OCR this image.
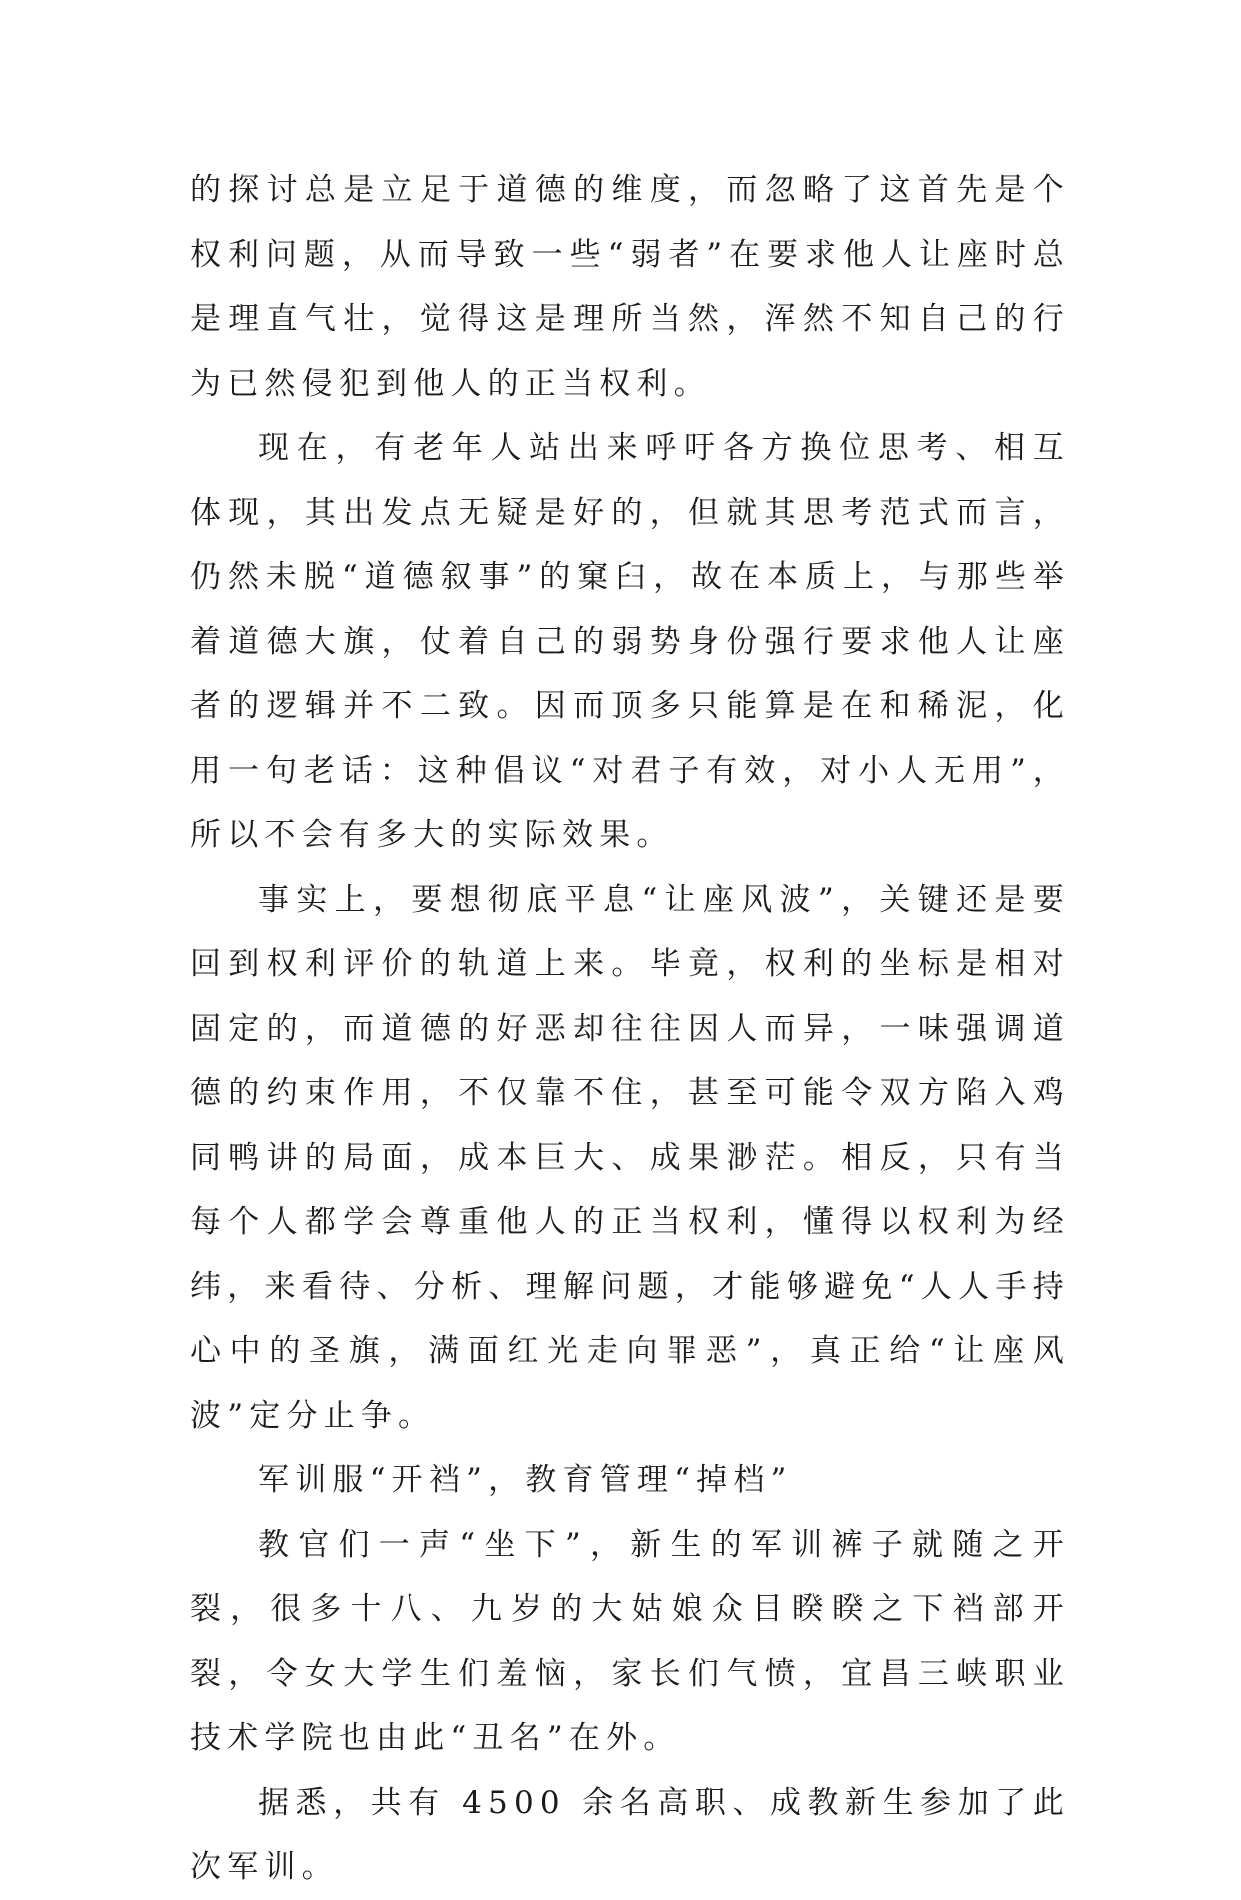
的探讨总是立足于道德的维度，而忽略了这首先是个权利问题，从而导致一些“弱者”在要求他人让座时总是理直气壮，觉得这是理所当然，浑然不知自己的行为已然侵犯到他人的正当权利。

现在，有老年人站出来呼吁各方换位思考、相互体现，其出发点无疑是好的，但就其思考范式而言，仍然未脱“道德叙事”的窠臼，故在本质上，与那些举着道德大旗，仗着自己的弱势身份强行要求他人让座者的逻辑并不二致。因而顶多只能算是在和稀泥，化用一句老话：这种倡议“对君子有效，对小人无用”，所以不会有多大的实际效果。

事实上，要想彻底平息“让座风波”，关键还是要回到权利评价的轨道上来。毕竟，权利的坐标是相对固定的，而道德的好恶却往往因人而异，一味强调道德的约束作用，不仅靠不住，甚至可能令双方陷入鸡同鸭讲的局面，成本巨大、成果渺茫。相反，只有当每个人都学会尊重他人的正当权利，懂得以权利为经纬，来看待、分析、理解问题，才能够避免“人人手持心中的圣旗，满面红光走向罪恶”，真正给“让座风波”定分止争。

军训服“开裆”，教育管理“掉档”

教官们一声“坐下”，新生的军训裤子就随之开裂，很多十八、九岁的大姑娘众目睽睽之下裆部开裂，令女大学生们羞恼，家长们气愤，宜昌三峡职业技术学院也由此“丑名”在外。

据悉，共有 4500 余名高职、成教新生参加了此次军训。
